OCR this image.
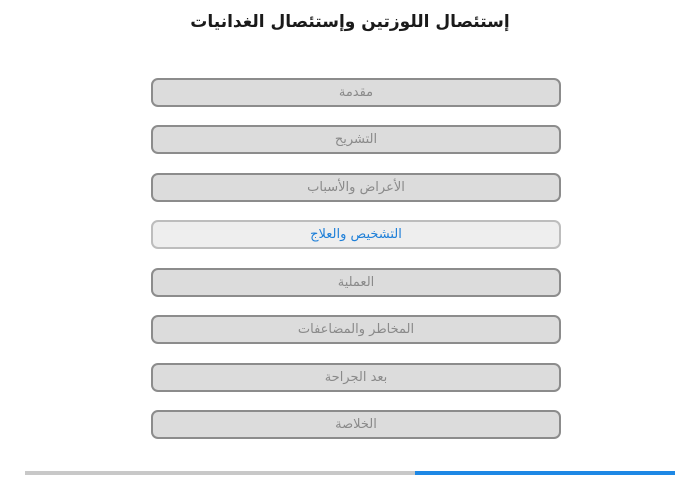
إستئصال اللوزتين وإستئصال الغدانيات
مقدمة
التشريح
الأعراض والأسباب
التشخيص والعلاج
العملية
المخاطر والمضاعفات
بعد الجراحة
الخلاصة
